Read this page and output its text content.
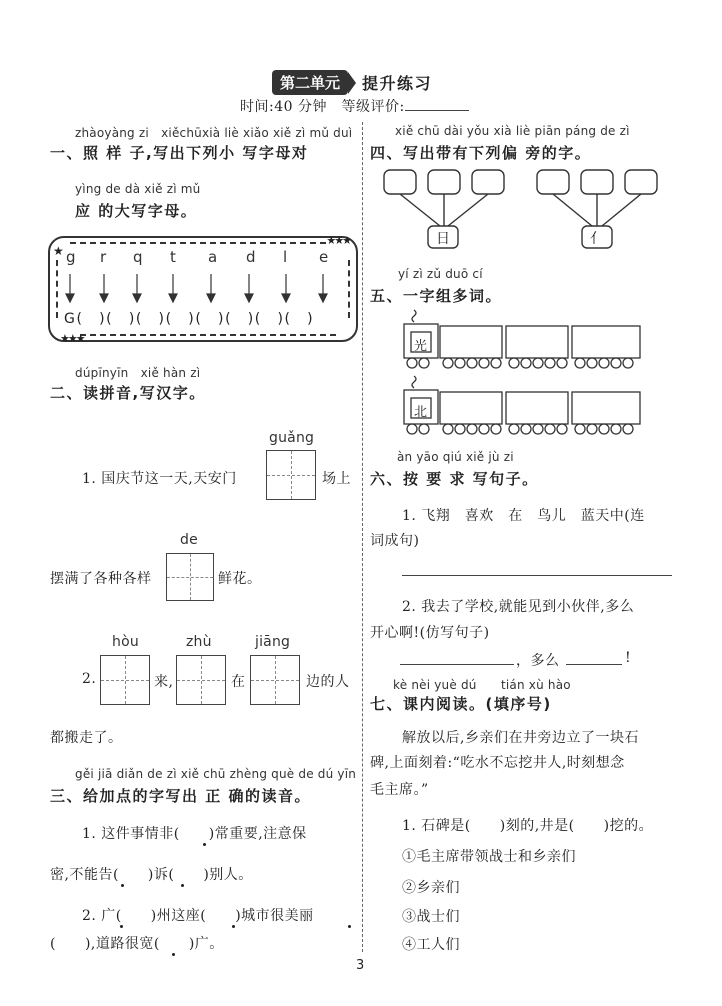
第二单元	提升练习
时间:40 分钟　等级评价:
zhàoyàng zi　xiěchūxià liè xiǎo xiě zì mǔ duì
一、照 样 子,写出下列小 写字母对
yìng de dà xiě zì mǔ
应 的大写字母。
★
★★★
★★★
g r q t a d l e
G(　)(　)(　)(　)(　)(　)(　)(　)
dúpīnyīn　xiě hàn zì
二、读拼音,写汉字。
guǎng
1. 国庆节这一天,天安门	场上
de
摆满了各种各样	鲜花。
hòu	zhù	jiāng
2.	来,	在	边的人
都搬走了。
gěi jiā diǎn de zì xiě chū zhèng què de dú yīn
三、给加点的字写出 正 确的读音。
1. 这件事情非(　　)常重要,注意保
密,不能告(　　)诉(　　)别人。
2. 广(　　)州这座(　　)城市很美丽
(　　),道路很宽(　　)广。
xiě chū dài yǒu xià liè piān páng de zì
四、写出带有下列偏 旁的字。
日	亻
yí zì zǔ duō cí
五、一字组多词。
光
北
àn yāo qiú xiě jù zi
六、按 要 求 写句子。
1. 飞翔　喜欢　在　鸟儿　蓝天中(连
词成句)
2. 我去了学校,就能见到小伙伴,多么
开心啊!(仿写句子)
，多么	!
kè nèi yuè dú　　tián xù hào
七、课内阅读。(填序号)
解放以后,乡亲们在井旁边立了一块石
碑,上面刻着:“吃水不忘挖井人,时刻想念
毛主席。”
1. 石碑是(　　)刻的,井是(　　)挖的。
①毛主席带领战士和乡亲们
②乡亲们
③战士们
④工人们
3
